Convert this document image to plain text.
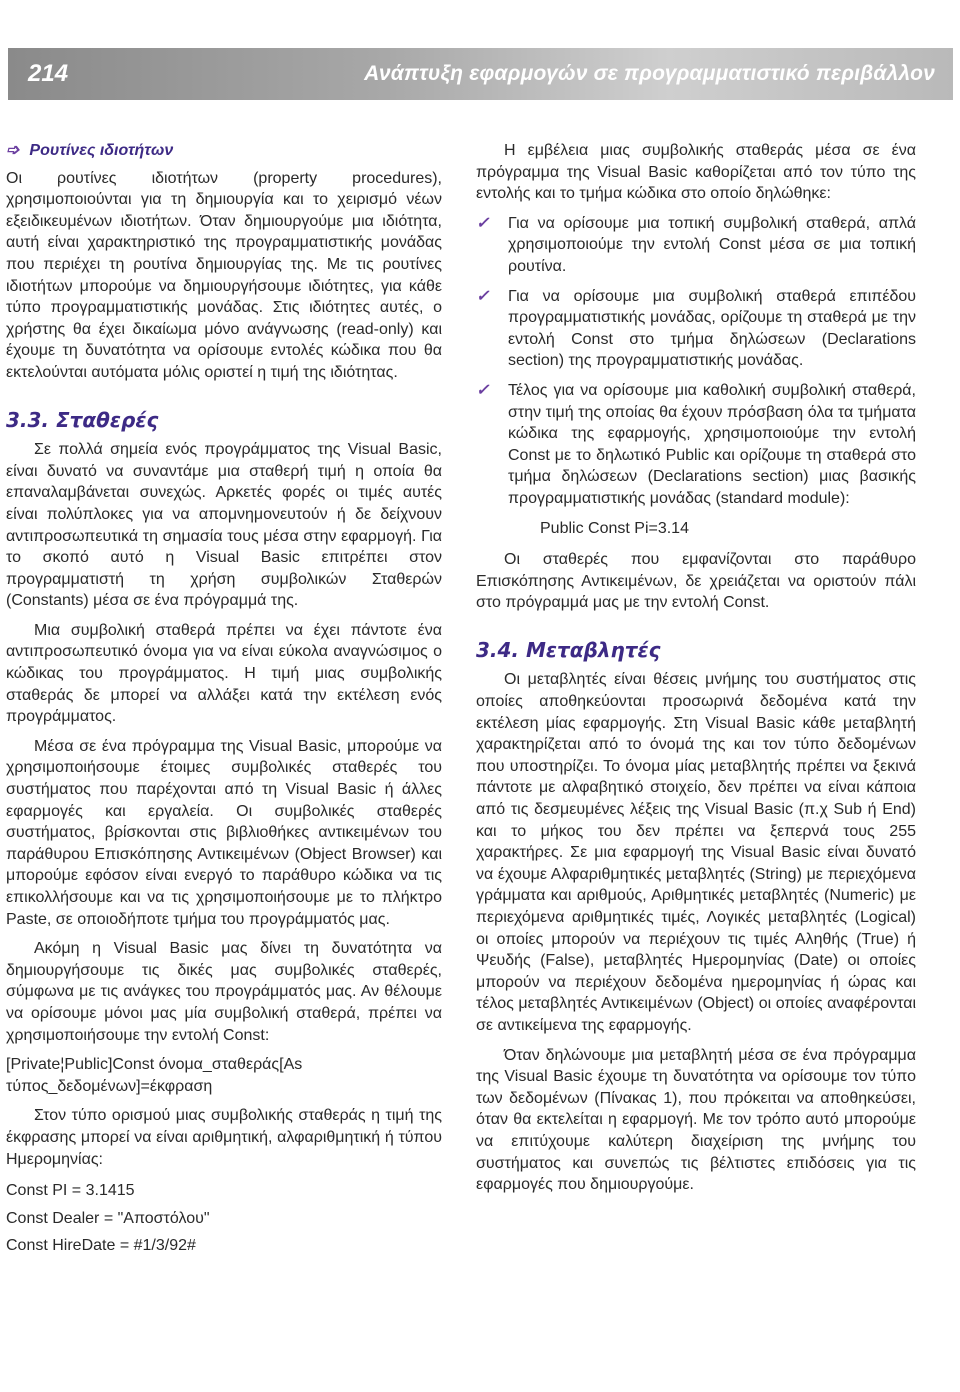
214	Ανάπτυξη εφαρμογών σε προγραμματιστικό περιβάλλον
➩ Ρουτίνες ιδιοτήτων

Οι ρουτίνες ιδιοτήτων (property procedures), χρησιμοποιούνται για τη δημιουργία και το χειρισμό νέων εξειδικευμένων ιδιοτήτων. Όταν δημιουργούμε μια ιδιότητα, αυτή είναι χαρακτηριστικό της προγραμματιστικής μονάδας που περιέχει τη ρουτίνα δημιουργίας της. Με τις ρουτίνες ιδιοτήτων μπορούμε να δημιουργήσουμε ιδιότητες, για κάθε τύπο προγραμματιστικής μονάδας. Στις ιδιότητες αυτές, ο χρήστης θα έχει δικαίωμα μόνο ανάγνωσης (read-only) και έχουμε τη δυνατότητα να ορίσουμε εντολές κώδικα που θα εκτελούνται αυτόματα μόλις οριστεί η τιμή της ιδιότητας.

3.3. Σταθερές

Σε πολλά σημεία ενός προγράμματος της Visual Basic, είναι δυνατό να συναντάμε μια σταθερή τιμή η οποία θα επαναλαμβάνεται συνεχώς. Αρκετές φορές οι τιμές αυτές είναι πολύπλοκες για να απομνημονευτούν ή δε δείχνουν αντιπροσωπευτικά τη σημασία τους μέσα στην εφαρμογή. Για το σκοπό αυτό η Visual Basic επιτρέπει στον προγραμματιστή τη χρήση συμβολικών Σταθερών (Constants) μέσα σε ένα πρόγραμμά της.

Μια συμβολική σταθερά πρέπει να έχει πάντοτε ένα αντιπροσωπευτικό όνομα για να είναι εύκολα αναγνώσιμος ο κώδικας του προγράμματος. Η τιμή μιας συμβολικής σταθεράς δε μπορεί να αλλάξει κατά την εκτέλεση ενός προγράμματος.

Μέσα σε ένα πρόγραμμα της Visual Basic, μπορούμε να χρησιμοποιήσουμε έτοιμες συμβολικές σταθερές του συστήματος που παρέχονται από τη Visual Basic ή άλλες εφαρμογές και εργαλεία. Οι συμβολικές σταθερές συστήματος, βρίσκονται στις βιβλιοθήκες αντικειμένων του παράθυρου Επισκόπησης Αντικειμένων (Object Browser) και μπορούμε εφόσον είναι ενεργό το παράθυρο κώδικα να τις επικολλήσουμε και να τις χρησιμοποιήσουμε με το πλήκτρο Paste, σε οποιοδήποτε τμήμα του προγράμματός μας.

Ακόμη η Visual Basic μας δίνει τη δυνατότητα να δημιουργήσουμε τις δικές μας συμβολικές σταθερές, σύμφωνα με τις ανάγκες του προγράμματός μας. Αν θέλουμε να ορίσουμε μόνοι μας μία συμβολική σταθερά, πρέπει να χρησιμοποιήσουμε την εντολή Const:

[Private¦Public]Const όνομα_σταθεράς[As τύπος_δεδομένων]=έκφραση

Στον τύπο ορισμού μιας συμβολικής σταθεράς η τιμή της έκφρασης μπορεί να είναι αριθμητική, αλφαριθμητική ή τύπου Ημερομηνίας:

Const PI = 3.1415
Const Dealer = "Αποστόλου"
Const HireDate = #1/3/92#

Η εμβέλεια μιας συμβολικής σταθεράς μέσα σε ένα πρόγραμμα της Visual Basic καθορίζεται από τον τύπο της εντολής και το τμήμα κώδικα στο οποίο δηλώθηκε:

✓ Για να ορίσουμε μια τοπική συμβολική σταθερά, απλά χρησιμοποιούμε την εντολή Const μέσα σε μια τοπική ρουτίνα.
✓ Για να ορίσουμε μια συμβολική σταθερά επιπέδου προγραμματιστικής μονάδας, ορίζουμε τη σταθερά με την εντολή Const στο τμήμα δηλώσεων (Declarations section) της προγραμματιστικής μονάδας.
✓ Τέλος για να ορίσουμε μια καθολική συμβολική σταθερά, στην τιμή της οποίας θα έχουν πρόσβαση όλα τα τμήματα κώδικα της εφαρμογής, χρησιμοποιούμε την εντολή Const με το δηλωτικό Public και ορίζουμε τη σταθερά στο τμήμα δηλώσεων (Declarations section) μιας βασικής προγραμματιστικής μονάδας (standard module):
Public Const Pi=3.14

Οι σταθερές που εμφανίζονται στο παράθυρο Επισκόπησης Αντικειμένων, δε χρειάζεται να οριστούν πάλι στο πρόγραμμά μας με την εντολή Const.

3.4. Μεταβλητές

Οι μεταβλητές είναι θέσεις μνήμης του συστήματος στις οποίες αποθηκεύονται προσωρινά δεδομένα κατά την εκτέλεση μίας εφαρμογής. Στη Visual Basic κάθε μεταβλητή χαρακτηρίζεται από το όνομά της και τον τύπο δεδομένων που υποστηρίζει. Το όνομα μίας μεταβλητής πρέπει να ξεκινά πάντοτε με αλφαβητικό στοιχείο, δεν πρέπει να είναι κάποια από τις δεσμευμένες λέξεις της Visual Basic (π.χ Sub ή End) και το μήκος του δεν πρέπει να ξεπερνά τους 255 χαρακτήρες. Σε μια εφαρμογή της Visual Basic είναι δυνατό να έχουμε Αλφαριθμητικές μεταβλητές (String) με περιεχόμενα γράμματα και αριθμούς, Αριθμητικές μεταβλητές (Numeric) με περιεχόμενα αριθμητικές τιμές, Λογικές μεταβλητές (Logical) οι οποίες μπορούν να περιέχουν τις τιμές Αληθής (True) ή Ψευδής (False), μεταβλητές Ημερομηνίας (Date) οι οποίες μπορούν να περιέχουν δεδομένα ημερομηνίας ή ώρας και τέλος μεταβλητές Αντικειμένων (Object) οι οποίες αναφέρονται σε αντικείμενα της εφαρμογής.

Όταν δηλώνουμε μια μεταβλητή μέσα σε ένα πρόγραμμα της Visual Basic έχουμε τη δυνατότητα να ορίσουμε τον τύπο των δεδομένων (Πίνακας 1), που πρόκειται να αποθηκεύσει, όταν θα εκτελείται η εφαρμογή. Με τον τρόπο αυτό μπορούμε να επιτύχουμε καλύτερη διαχείριση της μνήμης του συστήματος και συνεπώς τις βέλτιστες επιδόσεις για τις εφαρμογές που δημιουργούμε.
